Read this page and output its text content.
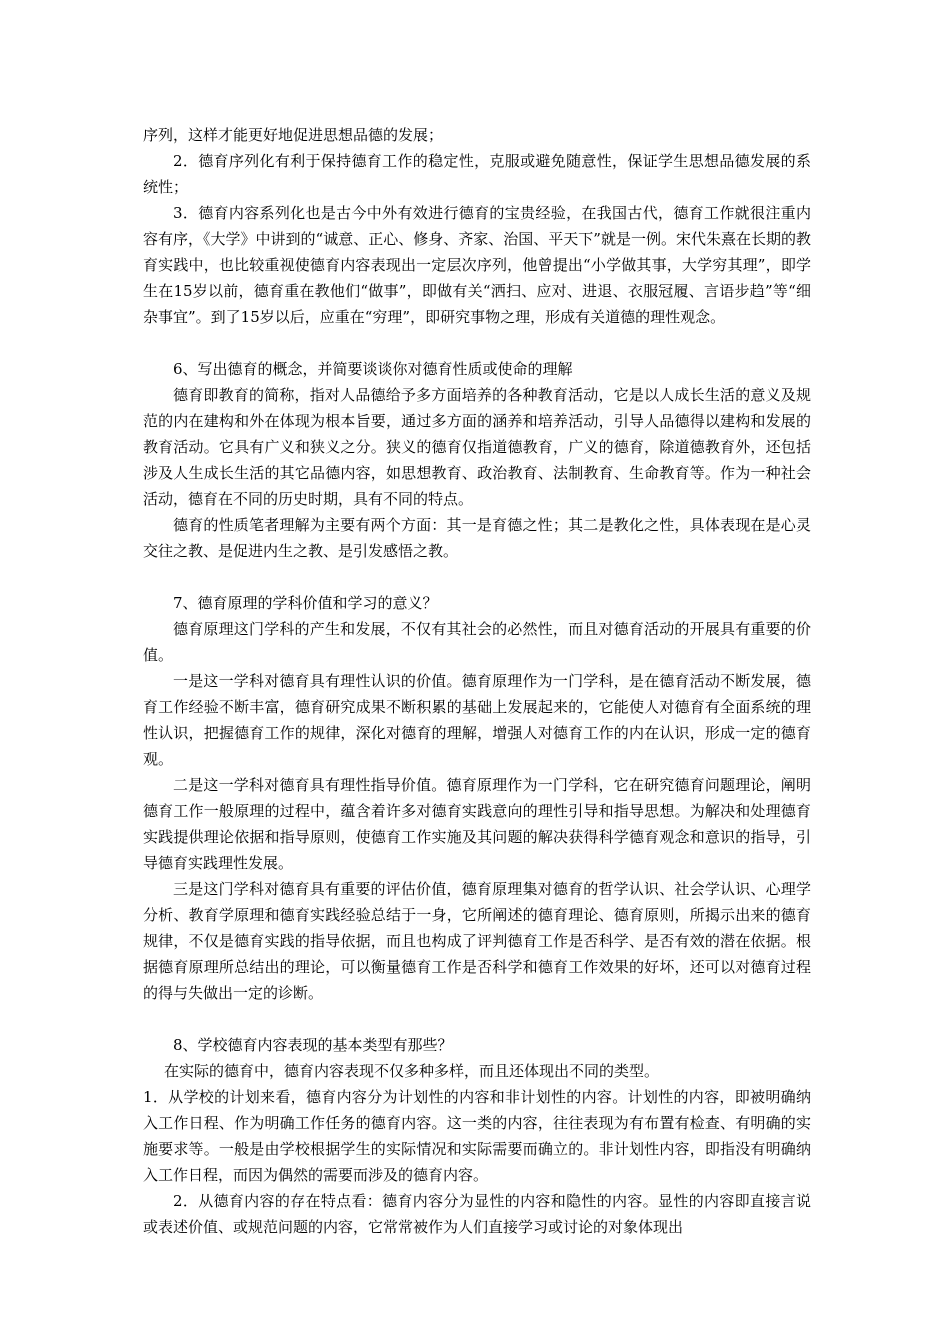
序列，这样才能更好地促进思想品德的发展；

2．德育序列化有利于保持德育工作的稳定性，克服或避免随意性，保证学生思想品德发展的系统性；

3．德育内容系列化也是古今中外有效进行德育的宝贵经验，在我国古代，德育工作就很注重内容有序，《大学》中讲到的“诚意、正心、修身、齐家、治国、平天下”就是一例。宋代朱熹在长期的教育实践中，也比较重视使德育内容表现出一定层次序列，他曾提出“小学做其事，大学穷其理”，即学生在15岁以前，德育重在教他们“做事”，即做有关“洒扫、应对、进退、衣服冠履、言语步趋”等“细杂事宜”。到了15岁以后，应重在“穷理”，即研究事物之理，形成有关道德的理性观念。

6、写出德育的概念，并简要谈谈你对德育性质或使命的理解

德育即教育的简称，指对人品德给予多方面培养的各种教育活动，它是以人成长生活的意义及规范的内在建构和外在体现为根本旨要，通过多方面的涵养和培养活动，引导人品德得以建构和发展的教育活动。它具有广义和狭义之分。狭义的德育仅指道德教育，广义的德育，除道德教育外，还包括涉及人生成长生活的其它品德内容，如思想教育、政治教育、法制教育、生命教育等。作为一种社会活动，德育在不同的历史时期，具有不同的特点。

德育的性质笔者理解为主要有两个方面：其一是育德之性；其二是教化之性，具体表现在是心灵交往之教、是促进内生之教、是引发感悟之教。

7、德育原理的学科价值和学习的意义？

德育原理这门学科的产生和发展，不仅有其社会的必然性，而且对德育活动的开展具有重要的价值。

一是这一学科对德育具有理性认识的价值。德育原理作为一门学科，是在德育活动不断发展，德育工作经验不断丰富，德育研究成果不断积累的基础上发展起来的，它能使人对德育有全面系统的理性认识，把握德育工作的规律，深化对德育的理解，增强人对德育工作的内在认识，形成一定的德育观。

二是这一学科对德育具有理性指导价值。德育原理作为一门学科，它在研究德育问题理论，阐明德育工作一般原理的过程中，蕴含着许多对德育实践意向的理性引导和指导思想。为解决和处理德育实践提供理论依据和指导原则，使德育工作实施及其问题的解决获得科学德育观念和意识的指导，引导德育实践理性发展。

三是这门学科对德育具有重要的评估价值，德育原理集对德育的哲学认识、社会学认识、心理学分析、教育学原理和德育实践经验总结于一身，它所阐述的德育理论、德育原则，所揭示出来的德育规律，不仅是德育实践的指导依据，而且也构成了评判德育工作是否科学、是否有效的潜在依据。根据德育原理所总结出的理论，可以衡量德育工作是否科学和德育工作效果的好坏，还可以对德育过程的得与失做出一定的诊断。

8、学校德育内容表现的基本类型有那些？

在实际的德育中，德育内容表现不仅多种多样，而且还体现出不同的类型。

1．从学校的计划来看，德育内容分为计划性的内容和非计划性的内容。计划性的内容，即被明确纳入工作日程、作为明确工作任务的德育内容。这一类的内容，往往表现为有布置有检查、有明确的实施要求等。一般是由学校根据学生的实际情况和实际需要而确立的。非计划性内容，即指没有明确纳入工作日程，而因为偶然的需要而涉及的德育内容。

2．从德育内容的存在特点看：德育内容分为显性的内容和隐性的内容。显性的内容即直接言说或表述价值、或规范问题的内容，它常常被作为人们直接学习或讨论的对象体现出
